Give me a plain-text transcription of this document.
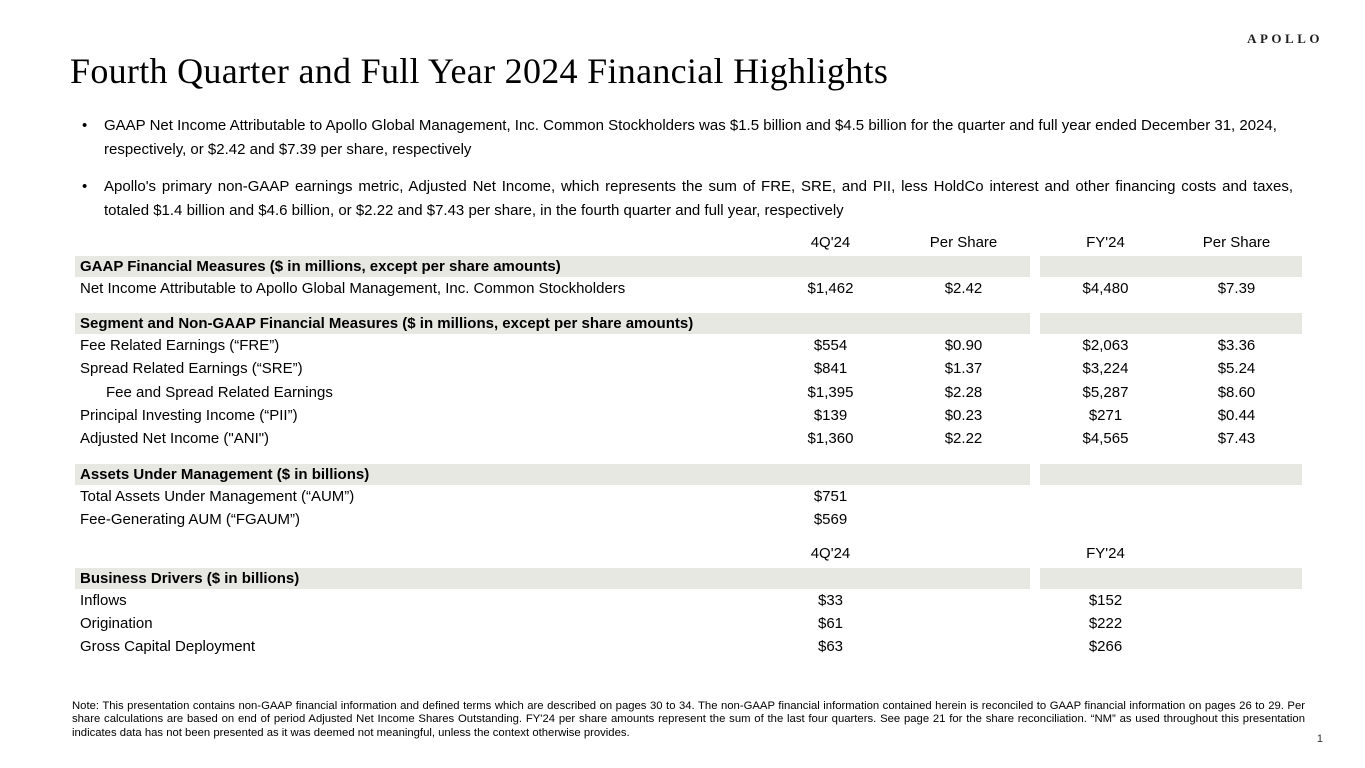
APOLLO
Fourth Quarter and Full Year 2024 Financial Highlights
•	GAAP Net Income Attributable to Apollo Global Management, Inc. Common Stockholders was $1.5 billion and $4.5 billion for the quarter and full year ended December 31, 2024, respectively, or $2.42 and $7.39 per share, respectively
•	Apollo's primary non-GAAP earnings metric, Adjusted Net Income, which represents the sum of FRE, SRE, and PII, less HoldCo interest and other financing costs and taxes, totaled $1.4 billion and $4.6 billion, or $2.22 and $7.43 per share, in the fourth quarter and full year, respectively
4Q'24	Per Share	FY'24	Per Share
GAAP Financial Measures ($ in millions, except per share amounts)
Net Income Attributable to Apollo Global Management, Inc. Common Stockholders	$1,462	$2.42	$4,480	$7.39
Segment and Non-GAAP Financial Measures ($ in millions, except per share amounts)
Fee Related Earnings (“FRE”)	$554	$0.90	$2,063	$3.36
Spread Related Earnings (“SRE”)	$841	$1.37	$3,224	$5.24
Fee and Spread Related Earnings	$1,395	$2.28	$5,287	$8.60
Principal Investing Income (“PII”)	$139	$0.23	$271	$0.44
Adjusted Net Income ("ANI")	$1,360	$2.22	$4,565	$7.43
Assets Under Management ($ in billions)
Total Assets Under Management (“AUM”)	$751
Fee-Generating AUM (“FGAUM”)	$569
4Q'24	FY'24
Business Drivers ($ in billions)
Inflows	$33	$152
Origination	$61	$222
Gross Capital Deployment	$63	$266
Note: This presentation contains non-GAAP financial information and defined terms which are described on pages 30 to 34. The non-GAAP financial information contained herein is reconciled to GAAP financial information on pages 26 to 29. Per share calculations are based on end of period Adjusted Net Income Shares Outstanding. FY'24 per share amounts represent the sum of the last four quarters. See page 21 for the share reconciliation. “NM” as used throughout this presentation indicates data has not been presented as it was deemed not meaningful, unless the context otherwise provides.
1
